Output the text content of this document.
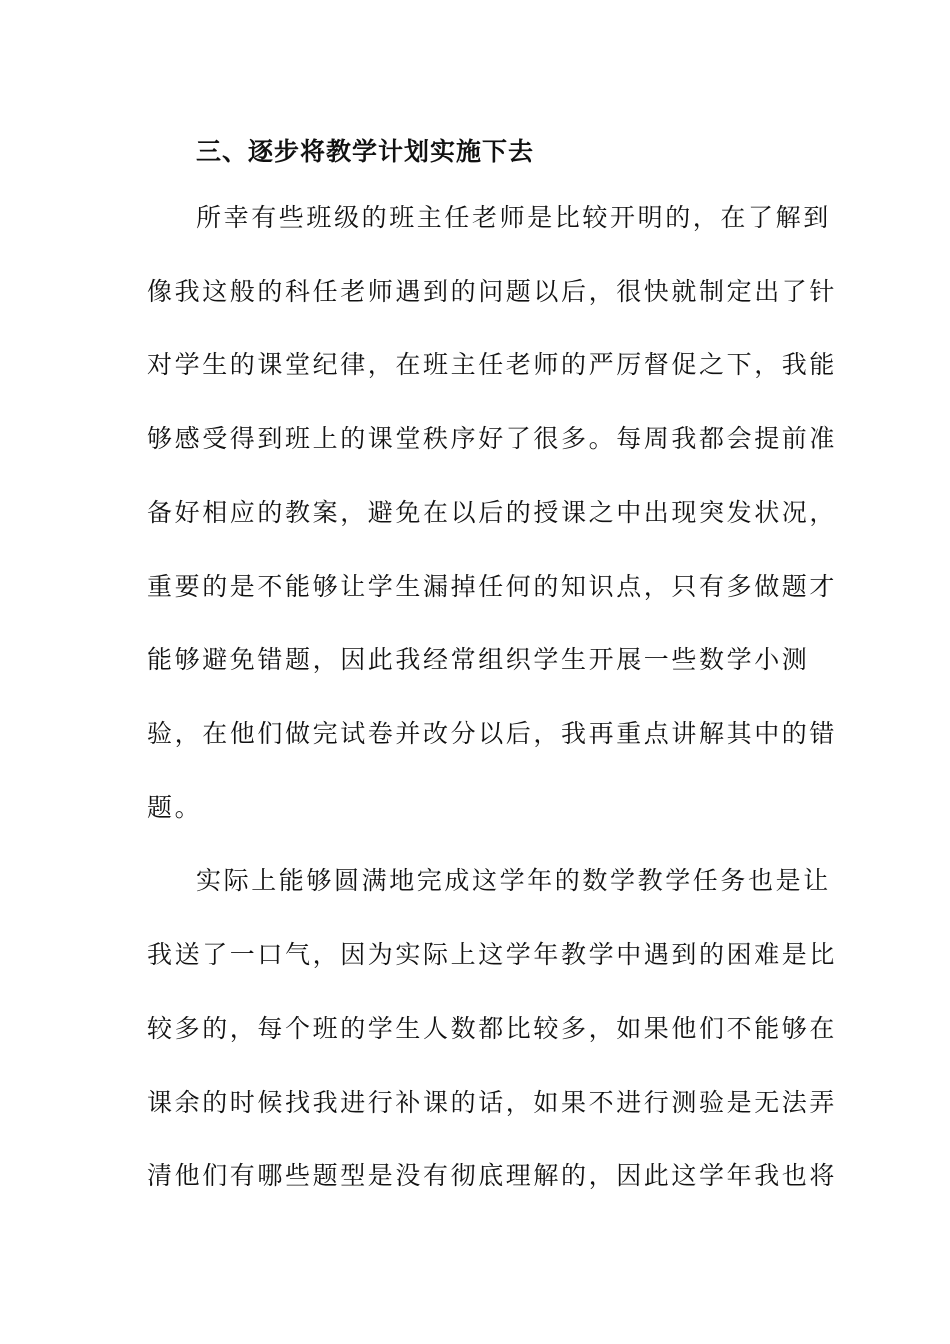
三、逐步将教学计划实施下去
所幸有些班级的班主任老师是比较开明的，在了解到
像我这般的科任老师遇到的问题以后，很快就制定出了针
对学生的课堂纪律，在班主任老师的严厉督促之下，我能
够感受得到班上的课堂秩序好了很多。每周我都会提前准
备好相应的教案，避免在以后的授课之中出现突发状况，
重要的是不能够让学生漏掉任何的知识点，只有多做题才
能够避免错题，因此我经常组织学生开展一些数学小测
验，在他们做完试卷并改分以后，我再重点讲解其中的错
题。
实际上能够圆满地完成这学年的数学教学任务也是让
我送了一口气，因为实际上这学年教学中遇到的困难是比
较多的，每个班的学生人数都比较多，如果他们不能够在
课余的时候找我进行补课的话，如果不进行测验是无法弄
清他们有哪些题型是没有彻底理解的，因此这学年我也将
